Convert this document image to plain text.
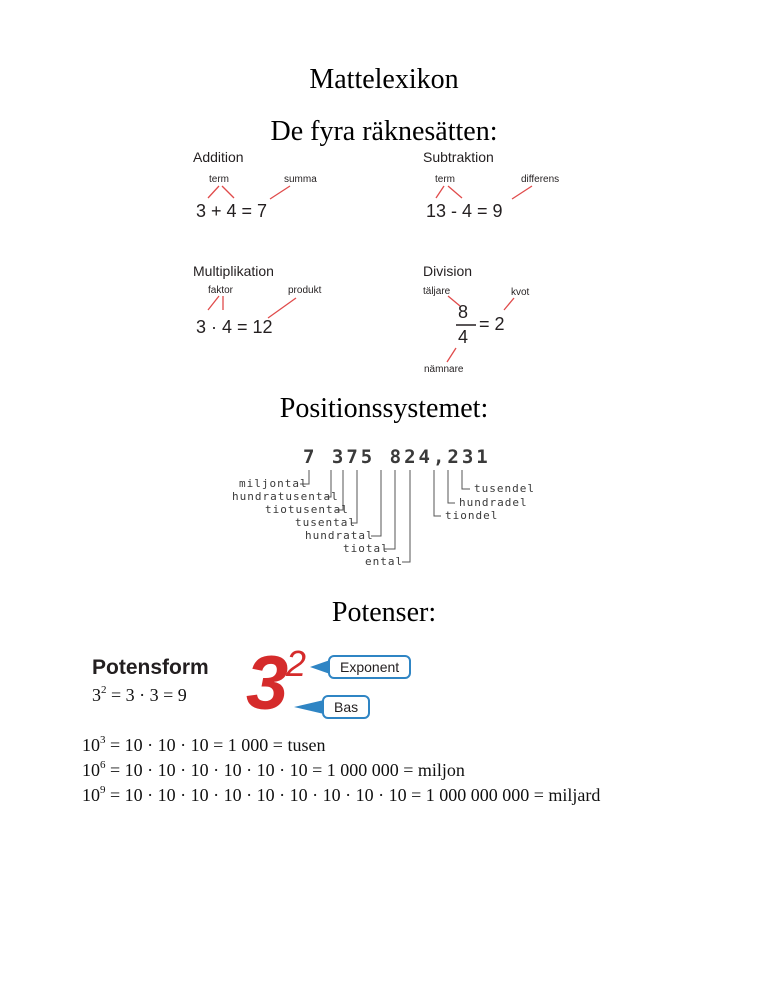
Mattelexikon
De fyra räknesätten:
Addition
term	summa
3 + 4 = 7
Subtraktion
term	differens
13 - 4 = 9
Multiplikation
faktor	produkt
3 · 4 = 12
Division
täljare	kvot
8
4
= 2
nämnare
Positionssystemet:
7 375 824,231
miljontal
hundratusental
tiotusental
tusental
hundratal
tiotal
ental
tusendel
hundradel
tiondel
Potenser:
Potensform
$3^2 = 3 \cdot 3 = 9$ 3
2	Exponent
Bas
$10^3 = 10 \cdot 10 \cdot 10 = 1$ 000 = tusen
$10^6 = 10 \cdot 10 \cdot 10 \cdot 10 \cdot 10 \cdot 10 = 1$ 000 000 = miljon
$10^9 = 10 \cdot 10 \cdot 10 \cdot 10 \cdot 10 \cdot 10 \cdot 10 \cdot 10 \cdot 10 = 1$ 000 000 000 = miljard
